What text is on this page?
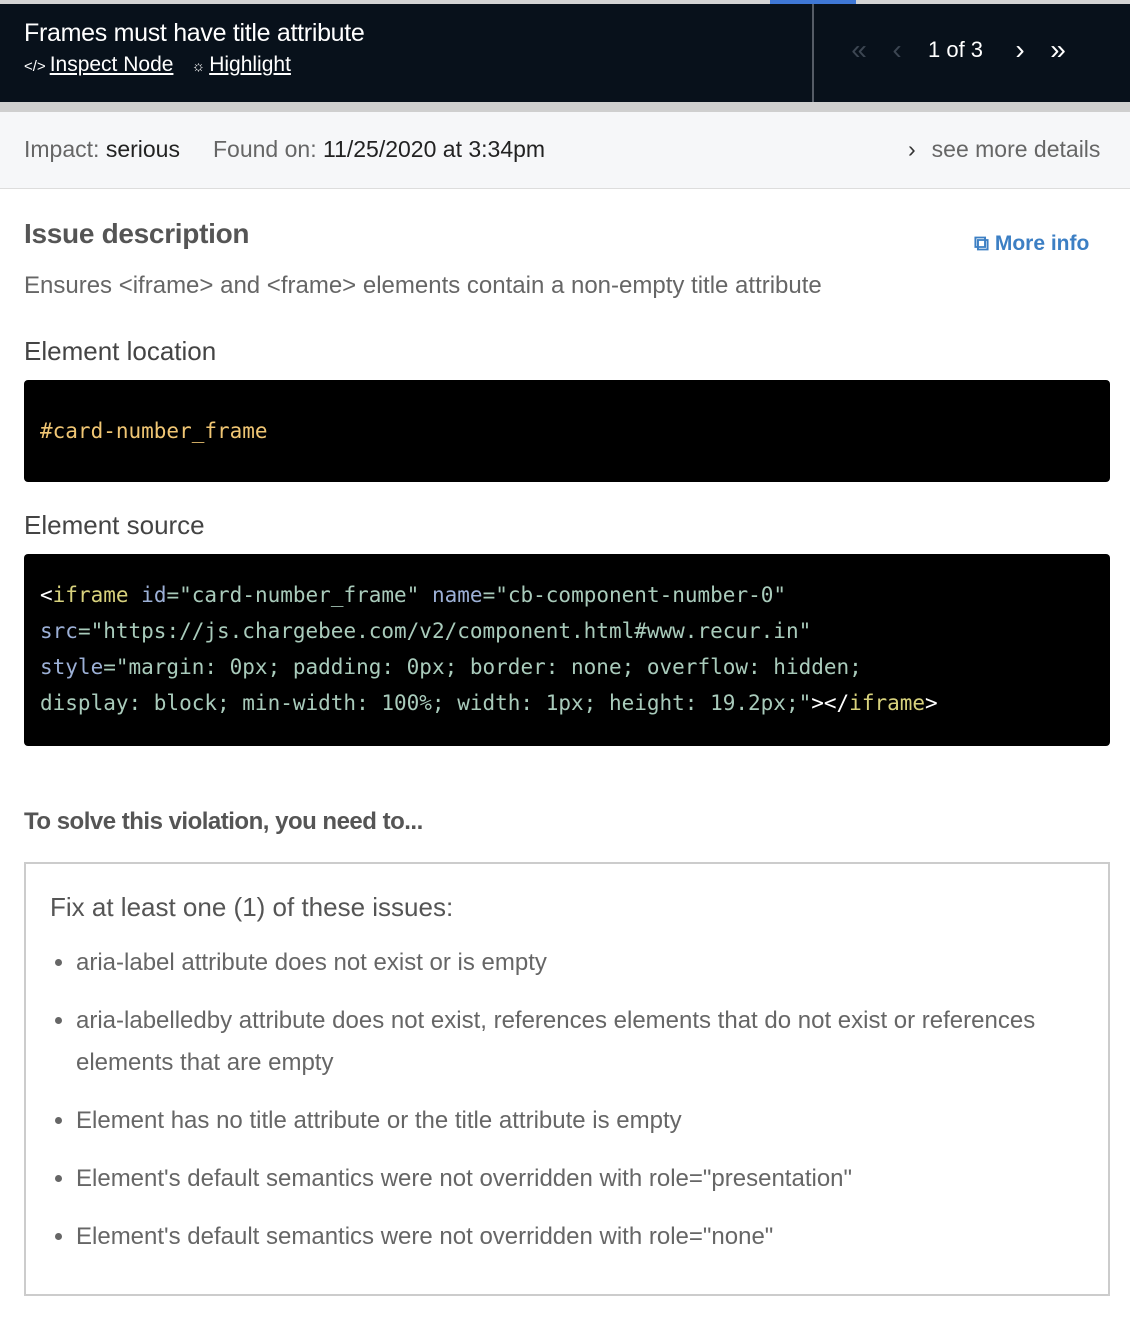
Frames must have title attribute
</> Inspect Node ☼ Highlight	« ‹	1 of 3	› »
Impact: serious Found on: 11/25/2020 at 3:34pm	› see more details
Issue description	⧉ More info
Ensures <iframe> and <frame> elements contain a non-empty title attribute
Element location
#card-number_frame
Element source
<iframe id="card-number_frame" name="cb-component-number-0"
src="https://js.chargebee.com/v2/component.html#www.recur.in"
style="margin: 0px; padding: 0px; border: none; overflow: hidden;
display: block; min-width: 100%; width: 1px; height: 19.2px;"></iframe>
To solve this violation, you need to...
Fix at least one (1) of these issues:
• aria-label attribute does not exist or is empty
• aria-labelledby attribute does not exist, references elements that do not exist or references elements that are empty
• Element has no title attribute or the title attribute is empty
• Element's default semantics were not overridden with role="presentation"
• Element's default semantics were not overridden with role="none"
